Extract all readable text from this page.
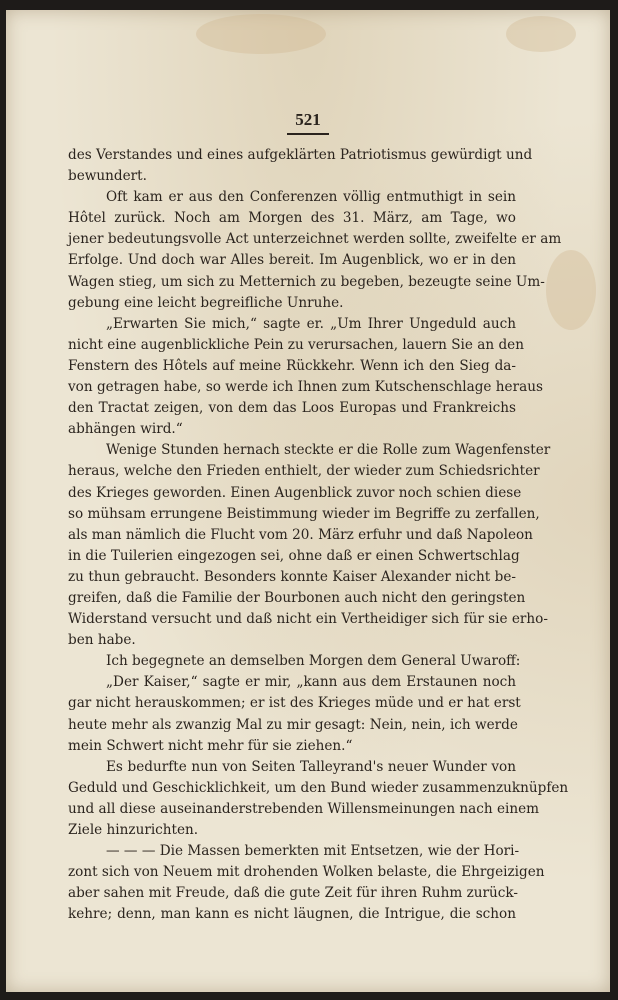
521
des Verstandes und eines aufgeklärten Patriotismus gewürdigt und
bewundert.
Oft kam er aus den Conferenzen völlig entmuthigt in sein
Hôtel zurück. Noch am Morgen des 31. März, am Tage, wo
jener bedeutungsvolle Act unterzeichnet werden sollte, zweifelte er am
Erfolge. Und doch war Alles bereit. Im Augenblick, wo er in den
Wagen stieg, um sich zu Metternich zu begeben, bezeugte seine Um-
gebung eine leicht begreifliche Unruhe.
„Erwarten Sie mich,“ sagte er. „Um Ihrer Ungeduld auch
nicht eine augenblickliche Pein zu verursachen, lauern Sie an den
Fenstern des Hôtels auf meine Rückkehr. Wenn ich den Sieg da-
von getragen habe, so werde ich Ihnen zum Kutschenschlage heraus
den Tractat zeigen, von dem das Loos Europas und Frankreichs
abhängen wird.“
Wenige Stunden hernach steckte er die Rolle zum Wagenfenster
heraus, welche den Frieden enthielt, der wieder zum Schiedsrichter
des Krieges geworden. Einen Augenblick zuvor noch schien diese
so mühsam errungene Beistimmung wieder im Begriffe zu zerfallen,
als man nämlich die Flucht vom 20. März erfuhr und daß Napoleon
in die Tuilerien eingezogen sei, ohne daß er einen Schwertschlag
zu thun gebraucht. Besonders konnte Kaiser Alexander nicht be-
greifen, daß die Familie der Bourbonen auch nicht den geringsten
Widerstand versucht und daß nicht ein Vertheidiger sich für sie erho-
ben habe.
Ich begegnete an demselben Morgen dem General Uwaroff:
„Der Kaiser,“ sagte er mir, „kann aus dem Erstaunen noch
gar nicht herauskommen; er ist des Krieges müde und er hat erst
heute mehr als zwanzig Mal zu mir gesagt: Nein, nein, ich werde
mein Schwert nicht mehr für sie ziehen.“
Es bedurfte nun von Seiten Talleyrand's neuer Wunder von
Geduld und Geschicklichkeit, um den Bund wieder zusammenzuknüpfen
und all diese auseinanderstrebenden Willensmeinungen nach einem
Ziele hinzurichten.
— — — Die Massen bemerkten mit Entsetzen, wie der Hori-
zont sich von Neuem mit drohenden Wolken belaste, die Ehrgeizigen
aber sahen mit Freude, daß die gute Zeit für ihren Ruhm zurück-
kehre; denn, man kann es nicht läugnen, die Intrigue, die schon
